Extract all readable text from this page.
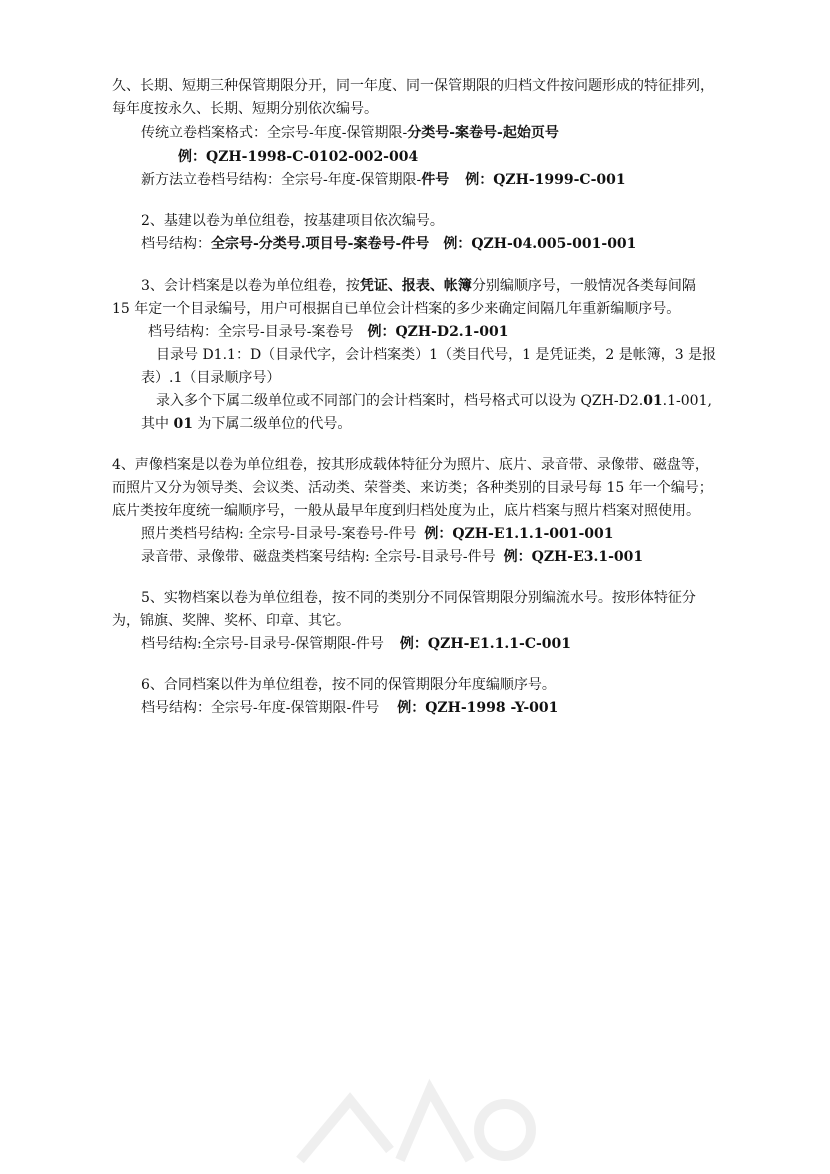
久、长期、短期三种保管期限分开，同一年度、同一保管期限的归档文件按问题形成的特征排列，
每年度按永久、长期、短期分别依次编号。
传统立卷档案格式：全宗号-年度-保管期限-分类号-案卷号-起始页号
例：QZH-1998-C-0102-002-004
新方法立卷档号结构：全宗号-年度-保管期限-件号 例：QZH-1999-C-001
2、基建以卷为单位组卷，按基建项目依次编号。
档号结构：全宗号-分类号.项目号-案卷号-件号 例：QZH-04.005-001-001
3、会计档案是以卷为单位组卷，按凭证、报表、帐簿分别编顺序号，一般情况各类每间隔
15 年定一个目录编号，用户可根据自已单位会计档案的多少来确定间隔几年重新编顺序号。
档号结构：全宗号-目录号-案卷号 例：QZH-D2.1-001
目录号 D1.1：D（目录代字，会计档案类）1（类目代号，1 是凭证类，2 是帐簿，3 是报
表）.1（目录顺序号）
录入多个下属二级单位或不同部门的会计档案时，档号格式可以设为 QZH-D2.01.1-001,
其中 01 为下属二级单位的代号。
4、声像档案是以卷为单位组卷，按其形成载体特征分为照片、底片、录音带、录像带、磁盘等，
而照片又分为领导类、会议类、活动类、荣誉类、来访类；各种类别的目录号每 15 年一个编号；
底片类按年度统一编顺序号，一般从最早年度到归档处度为止，底片档案与照片档案对照使用。
照片类档号结构: 全宗号-目录号-案卷号-件号 例：QZH-E1.1.1-001-001
录音带、录像带、磁盘类档案号结构: 全宗号-目录号-件号 例：QZH-E3.1-001
5、实物档案以卷为单位组卷，按不同的类别分不同保管期限分别编流水号。按形体特征分
为，锦旗、奖牌、奖杯、印章、其它。
档号结构:全宗号-目录号-保管期限-件号 例：QZH-E1.1.1-C-001
6、合同档案以件为单位组卷，按不同的保管期限分年度编顺序号。
档号结构：全宗号-年度-保管期限-件号 例：QZH-1998 -Y-001
